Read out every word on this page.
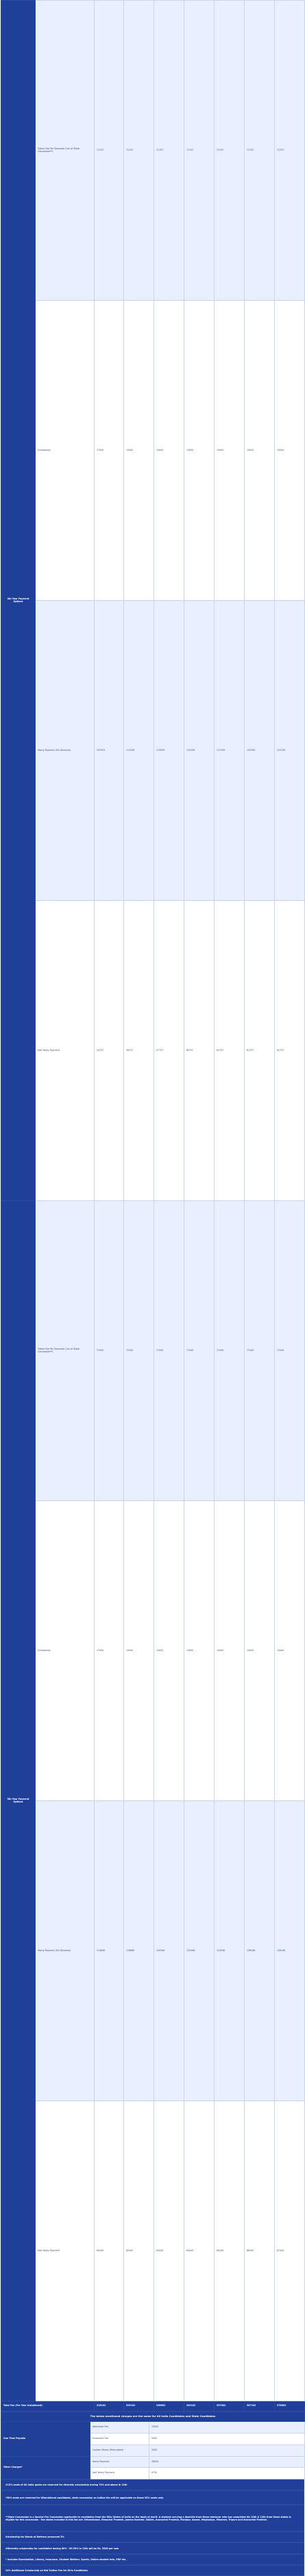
4th Year Payment Options	Tuition Fee Per Semester (Incl of State Concession**)	71757	71757	71757	71757	71757	71757	71757
	Scholarship	17500	15000	14000	13000	10000	10000	10000
	Yearly Payment (5% Discount)	107974	111539	113539	115239	117339	123339	123139
	Half Yearly Payment	54757	56757	57757	60757	61757	61757	61757
5th Year Payment Options	Tuition Fee Per Semester (Incl of State Concession**)	77445	77445	77445	77445	77445	77445	77445
	Scholarship	17500	15000	14000	13000	10000	10000	10000
	Yearly Payment (5% Discount)	114846	118660	120546	122446	124346	126246	128146
	Half Yearly Payment	60445	62445	63445	64445	65445	66445	67445
Total Fee (Per Year Installment)		516102	529102	536602	549102	557602	567102	576602
The below mentioned charges are the same for All India Candidates and State Candidates		
One Time Payable	Admission Fee	10000
	Enrolment Fee	5000
	Caution Money (Refundable)	5000
Other Charges*	Yearly Payment	18500
	Half Yearly Payment	9750
#15% seats of All India quota are reserved for diversity scholarship having 70% and above in 12th
*50% seats are reserved for Uttarakhand candidates, state concession on tuition fee will be applicable on those 50% seats only.
**State Concession is a Special Fee Concession applicable to candidates from the Hilly States of India on the basis of merit. A student carrying a domicile from these states/or who has completed his 10th & 12th from these states is eligible for this concession - the states included in this list are: Uttarakhand, Himachal Pradesh, Jammu Kashmir, Sikkim, Arunachal Pradesh, Manipur, Assam, Meghalaya, Mizoram, Tripura and Arunachal Pradesh.
Scholarship for Wards of Defence personnel 5%
#Diversity scholarship for candidates having 60% - 69.99% in 12th will be Rs. 5500 per sem
* Includes Examination, Library, Insurance, Student Welfare, Sports, Online student Info, PDP etc.
10% Additional Scholarship on Net Tuition Fee for Girls Candidates
